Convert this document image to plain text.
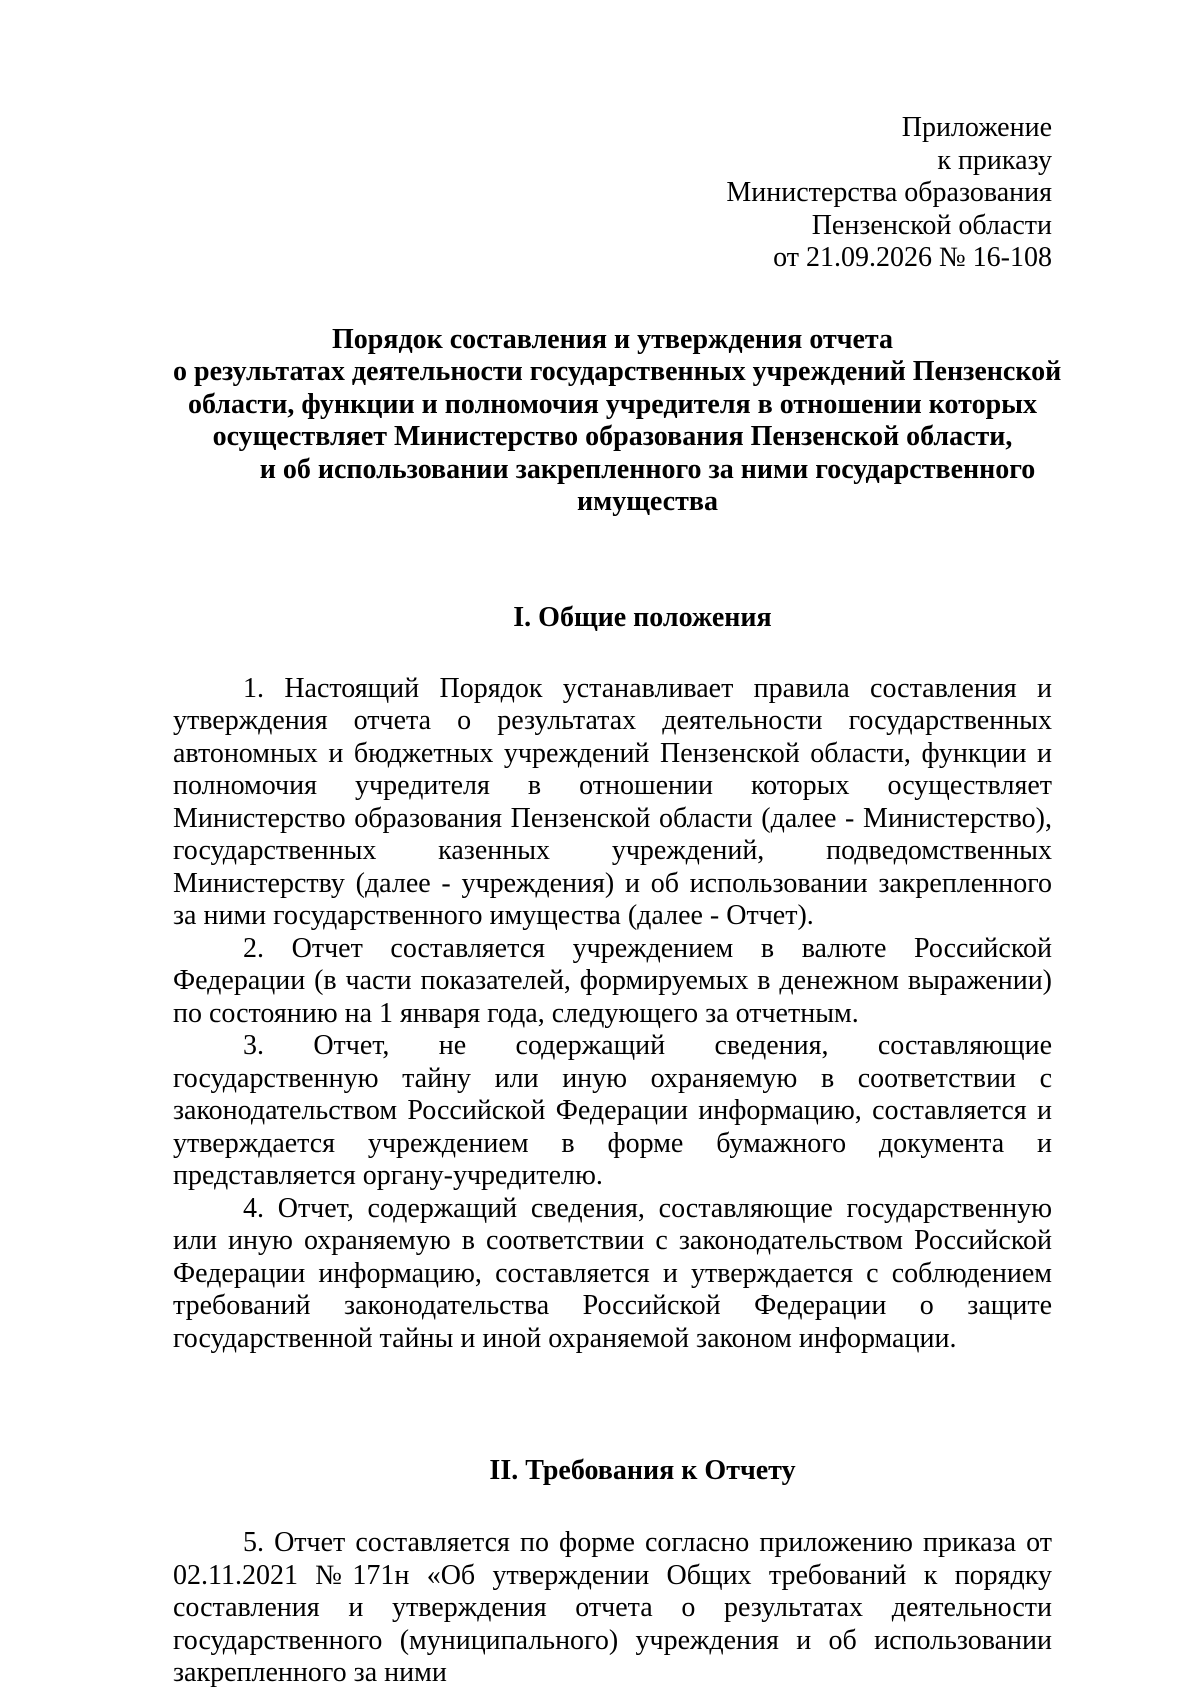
Приложение
к приказу
Министерства образования
Пензенской области
от 21.09.2026 № 16-108
Порядок составления и утверждения отчета
о результатах деятельности государственных учреждений Пензенской
области, функции и полномочия учредителя в отношении которых
осуществляет Министерство образования Пензенской области,
и об использовании закрепленного за ними государственного
имущества
I. Общие положения

1. Настоящий Порядок устанавливает правила составления и утверждения отчета о результатах деятельности государственных автономных и бюджетных учреждений Пензенской области, функции и полномочия учредителя в отношении которых осуществляет Министерство образования Пензенской области (далее - Министерство), государственных казенных учреждений, подведомственных Министерству (далее - учреждения) и об использовании закрепленного за ними государственного имущества (далее - Отчет).

2. Отчет составляется учреждением в валюте Российской Федерации (в части показателей, формируемых в денежном выражении) по состоянию на 1 января года, следующего за отчетным.

3. Отчет, не содержащий сведения, составляющие государственную тайну или иную охраняемую в соответствии с законодательством Российской Федерации информацию, составляется и утверждается учреждением в форме бумажного документа и представляется органу-учредителю.

4. Отчет, содержащий сведения, составляющие государственную или иную охраняемую в соответствии с законодательством Российской Федерации информацию, составляется и утверждается с соблюдением требований законодательства Российской Федерации о защите государственной тайны и иной охраняемой законом информации.

II. Требования к Отчету

5. Отчет составляется по форме согласно приложению приказа от 02.11.2021 №171н «Об утверждении Общих требований к порядку составления и утверждения отчета о результатах деятельности государственного (муниципального) учреждения и об использовании закрепленного за ними
